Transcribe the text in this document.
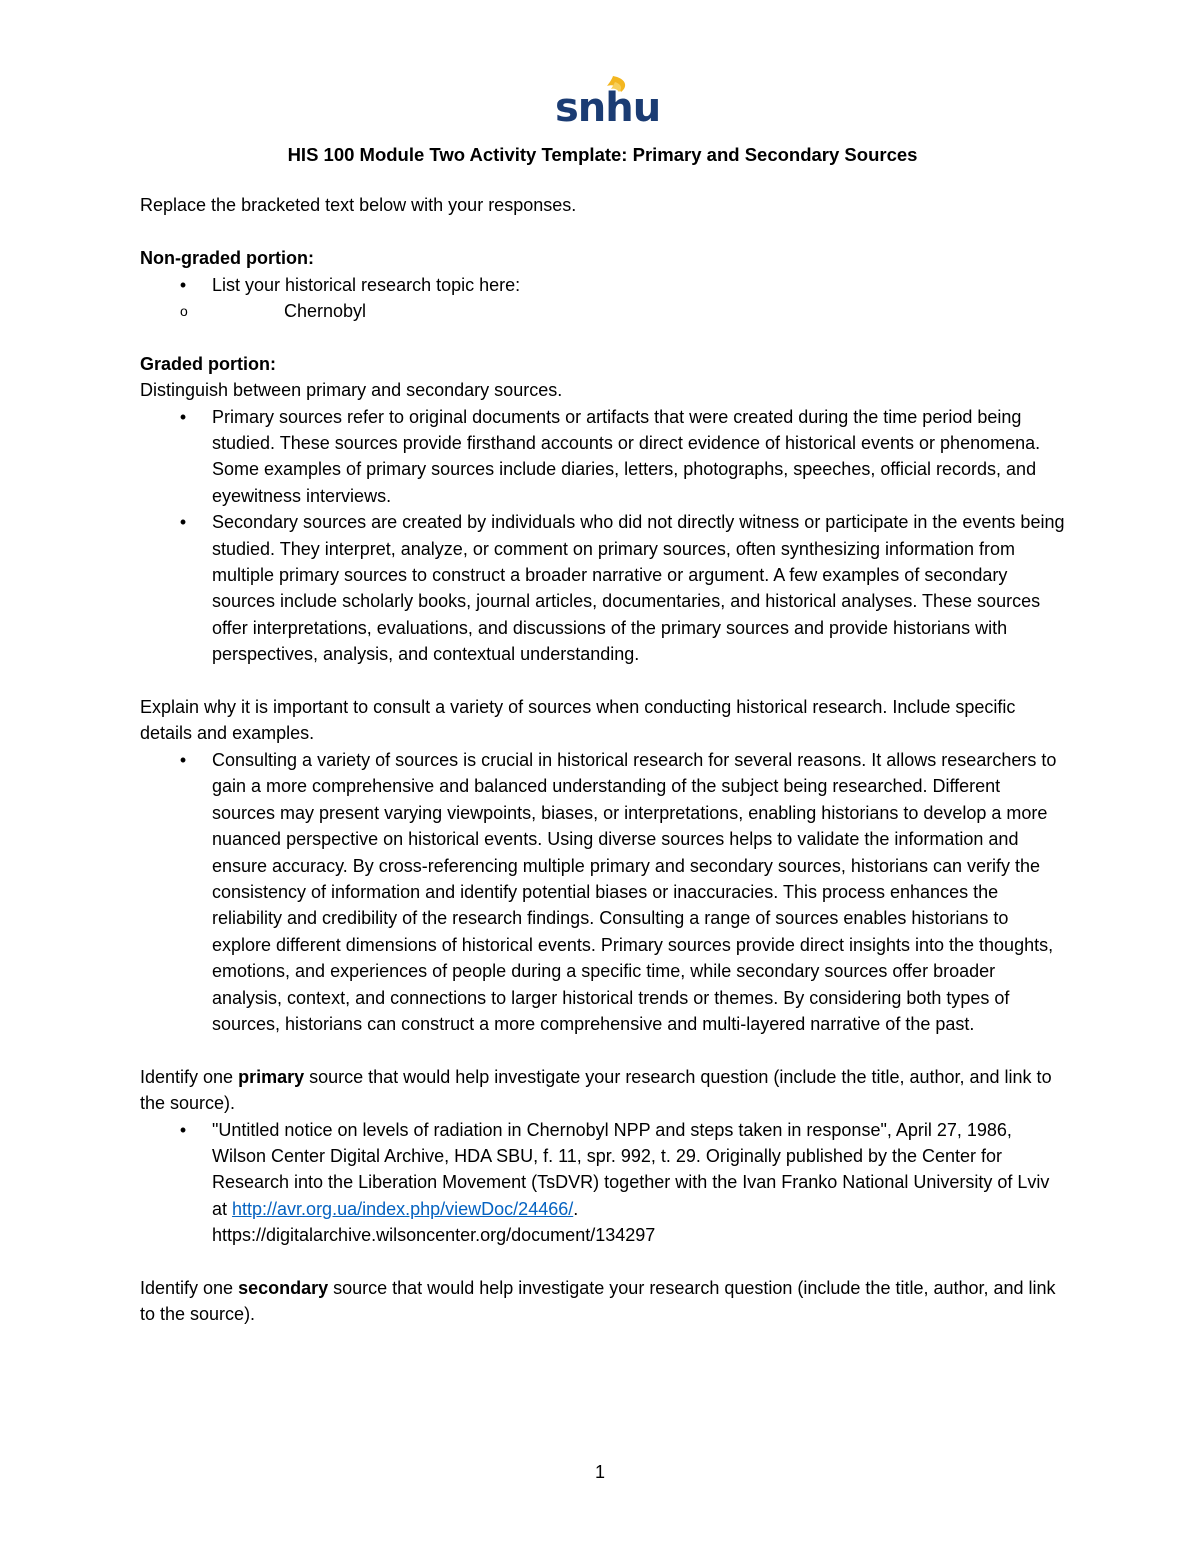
snhu
HIS 100 Module Two Activity Template: Primary and Secondary Sources

Replace the bracketed text below with your responses.

Non-graded portion:

• List your historical research topic here:
o	Chernobyl

Graded portion:

Distinguish between primary and secondary sources.

• Primary sources refer to original documents or artifacts that were created during the time period being studied. These sources provide firsthand accounts or direct evidence of historical events or phenomena. Some examples of primary sources include diaries, letters, photographs, speeches, official records, and eyewitness interviews.
• Secondary sources are created by individuals who did not directly witness or participate in the events being studied. They interpret, analyze, or comment on primary sources, often synthesizing information from multiple primary sources to construct a broader narrative or argument. A few examples of secondary sources include scholarly books, journal articles, documentaries, and historical analyses. These sources offer interpretations, evaluations, and discussions of the primary sources and provide historians with perspectives, analysis, and contextual understanding.

Explain why it is important to consult a variety of sources when conducting historical research. Include specific details and examples.

• Consulting a variety of sources is crucial in historical research for several reasons. It allows researchers to gain a more comprehensive and balanced understanding of the subject being researched. Different sources may present varying viewpoints, biases, or interpretations, enabling historians to develop a more nuanced perspective on historical events. Using diverse sources helps to validate the information and ensure accuracy. By cross-referencing multiple primary and secondary sources, historians can verify the consistency of information and identify potential biases or inaccuracies. This process enhances the reliability and credibility of the research findings. Consulting a range of sources enables historians to explore different dimensions of historical events. Primary sources provide direct insights into the thoughts, emotions, and experiences of people during a specific time, while secondary sources offer broader analysis, context, and connections to larger historical trends or themes. By considering both types of sources, historians can construct a more comprehensive and multi-layered narrative of the past.

Identify one primary source that would help investigate your research question (include the title, author, and link to the source).

• "Untitled notice on levels of radiation in Chernobyl NPP and steps taken in response", April 27, 1986, Wilson Center Digital Archive, HDA SBU, f. 11, spr. 992, t. 29. Originally published by the Center for Research into the Liberation Movement (TsDVR) together with the Ivan Franko National University of Lviv at http://avr.org.ua/index.php/viewDoc/24466/.
https://digitalarchive.wilsoncenter.org/document/134297

Identify one secondary source that would help investigate your research question (include the title, author, and link to the source).

1
